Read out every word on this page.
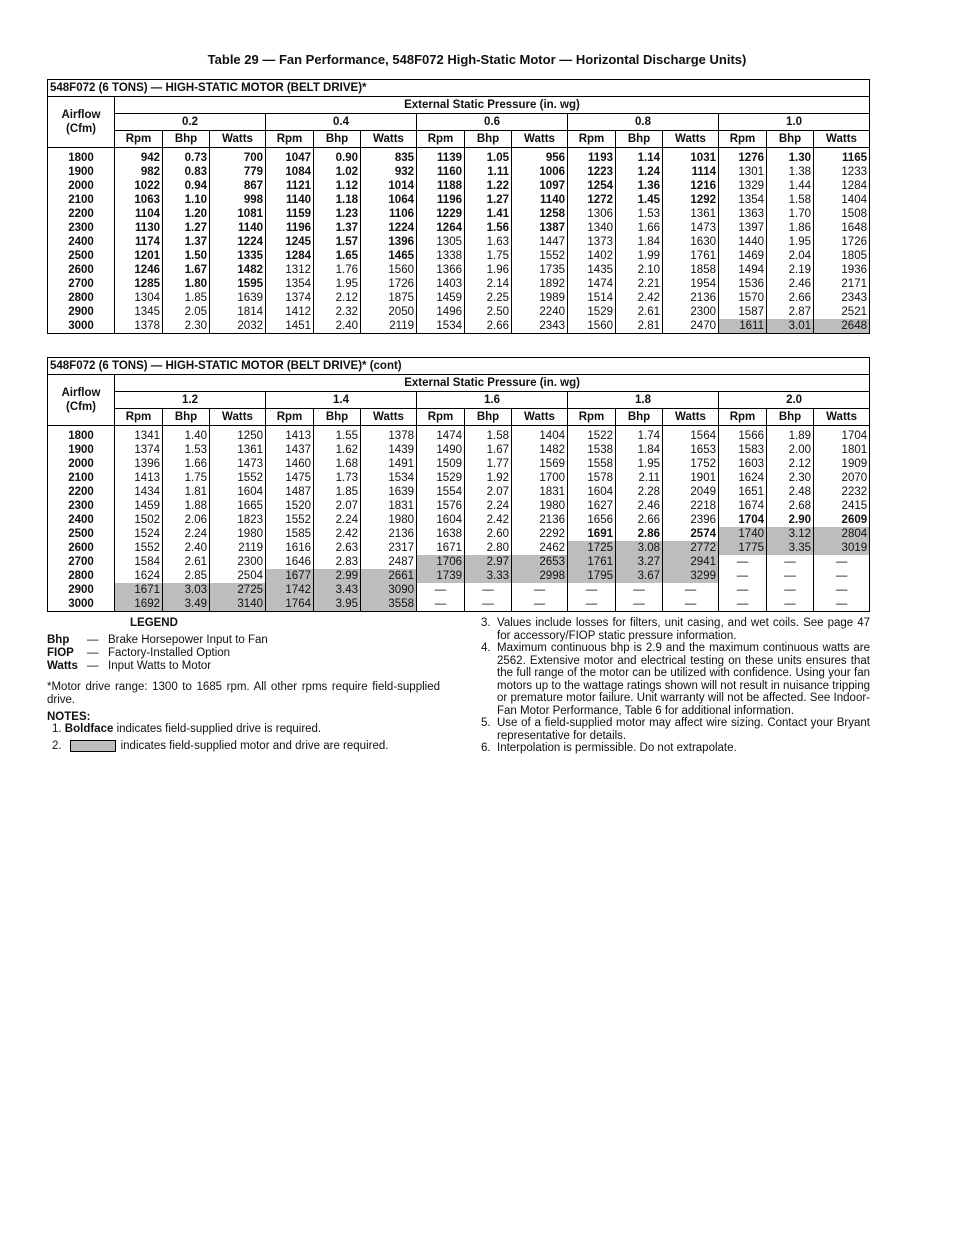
Table 29 — Fan Performance, 548F072 High-Static Motor — Horizontal Discharge Units)
548F072 (6 TONS) — HIGH-STATIC MOTOR (BELT DRIVE)*															
Airflow (Cfm)	External Static Pressure (in. wg)														
	0.2			0.4			0.6			0.8			1.0		
	Rpm	Bhp	Watts	Rpm	Bhp	Watts	Rpm	Bhp	Watts	Rpm	Bhp	Watts	Rpm	Bhp	Watts
1800	942	0.73	700	1047	0.90	835	1139	1.05	956	1193	1.14	1031	1276	1.30	1165
1900	982	0.83	779	1084	1.02	932	1160	1.11	1006	1223	1.24	1114	1301	1.38	1233
2000	1022	0.94	867	1121	1.12	1014	1188	1.22	1097	1254	1.36	1216	1329	1.44	1284
2100	1063	1.10	998	1140	1.18	1064	1196	1.27	1140	1272	1.45	1292	1354	1.58	1404
2200	1104	1.20	1081	1159	1.23	1106	1229	1.41	1258	1306	1.53	1361	1363	1.70	1508
2300	1130	1.27	1140	1196	1.37	1224	1264	1.56	1387	1340	1.66	1473	1397	1.86	1648
2400	1174	1.37	1224	1245	1.57	1396	1305	1.63	1447	1373	1.84	1630	1440	1.95	1726
2500	1201	1.50	1335	1284	1.65	1465	1338	1.75	1552	1402	1.99	1761	1469	2.04	1805
2600	1246	1.67	1482	1312	1.76	1560	1366	1.96	1735	1435	2.10	1858	1494	2.19	1936
2700	1285	1.80	1595	1354	1.95	1726	1403	2.14	1892	1474	2.21	1954	1536	2.46	2171
2800	1304	1.85	1639	1374	2.12	1875	1459	2.25	1989	1514	2.42	2136	1570	2.66	2343
2900	1345	2.05	1814	1412	2.32	2050	1496	2.50	2240	1529	2.61	2300	1587	2.87	2521
3000	1378	2.30	2032	1451	2.40	2119	1534	2.66	2343	1560	2.81	2470	1611	3.01	2648
548F072 (6 TONS) — HIGH-STATIC MOTOR (BELT DRIVE)* (cont)															
Airflow (Cfm)	External Static Pressure (in. wg)														
	1.2			1.4			1.6			1.8			2.0		
	Rpm	Bhp	Watts	Rpm	Bhp	Watts	Rpm	Bhp	Watts	Rpm	Bhp	Watts	Rpm	Bhp	Watts
1800	1341	1.40	1250	1413	1.55	1378	1474	1.58	1404	1522	1.74	1564	1566	1.89	1704
1900	1374	1.53	1361	1437	1.62	1439	1490	1.67	1482	1538	1.84	1653	1583	2.00	1801
2000	1396	1.66	1473	1460	1.68	1491	1509	1.77	1569	1558	1.95	1752	1603	2.12	1909
2100	1413	1.75	1552	1475	1.73	1534	1529	1.92	1700	1578	2.11	1901	1624	2.30	2070
2200	1434	1.81	1604	1487	1.85	1639	1554	2.07	1831	1604	2.28	2049	1651	2.48	2232
2300	1459	1.88	1665	1520	2.07	1831	1576	2.24	1980	1627	2.46	2218	1674	2.68	2415
2400	1502	2.06	1823	1552	2.24	1980	1604	2.42	2136	1656	2.66	2396	1704	2.90	2609
2500	1524	2.24	1980	1585	2.42	2136	1638	2.60	2292	1691	2.86	2574	1740	3.12	2804
2600	1552	2.40	2119	1616	2.63	2317	1671	2.80	2462	1725	3.08	2772	1775	3.35	3019
2700	1584	2.61	2300	1646	2.83	2487	1706	2.97	2653	1761	3.27	2941	—	—	—
2800	1624	2.85	2504	1677	2.99	2661	1739	3.33	2998	1795	3.67	3299	—	—	—
2900	1671	3.03	2725	1742	3.43	3090	—	—	—	—	—	—	—	—	—
3000	1692	3.49	3140	1764	3.95	3558	—	—	—	—	—	—	—	—	—
LEGEND
Bhp	— Brake Horsepower Input to Fan
FIOP	— Factory-Installed Option
Watts — Input Watts to Motor
*Motor drive range: 1300 to 1685 rpm. All other rpms require field-supplied drive.
NOTES:
1. Boldface indicates field-supplied drive is required.
2.	indicates field-supplied motor and drive are required.
3. Values include losses for filters, unit casing, and wet coils. See page 47 for accessory/FIOP static pressure information.
4. Maximum continuous bhp is 2.9 and the maximum continuous watts are 2562. Extensive motor and electrical testing on these units ensures that the full range of the motor can be utilized with confidence. Using your fan motors up to the wattage ratings shown will not result in nuisance tripping or premature motor failure. Unit warranty will not be affected. See Indoor-Fan Motor Performance, Table 6 for additional information.
5. Use of a field-supplied motor may affect wire sizing. Contact your Bryant representative for details.
6. Interpolation is permissible. Do not extrapolate.
